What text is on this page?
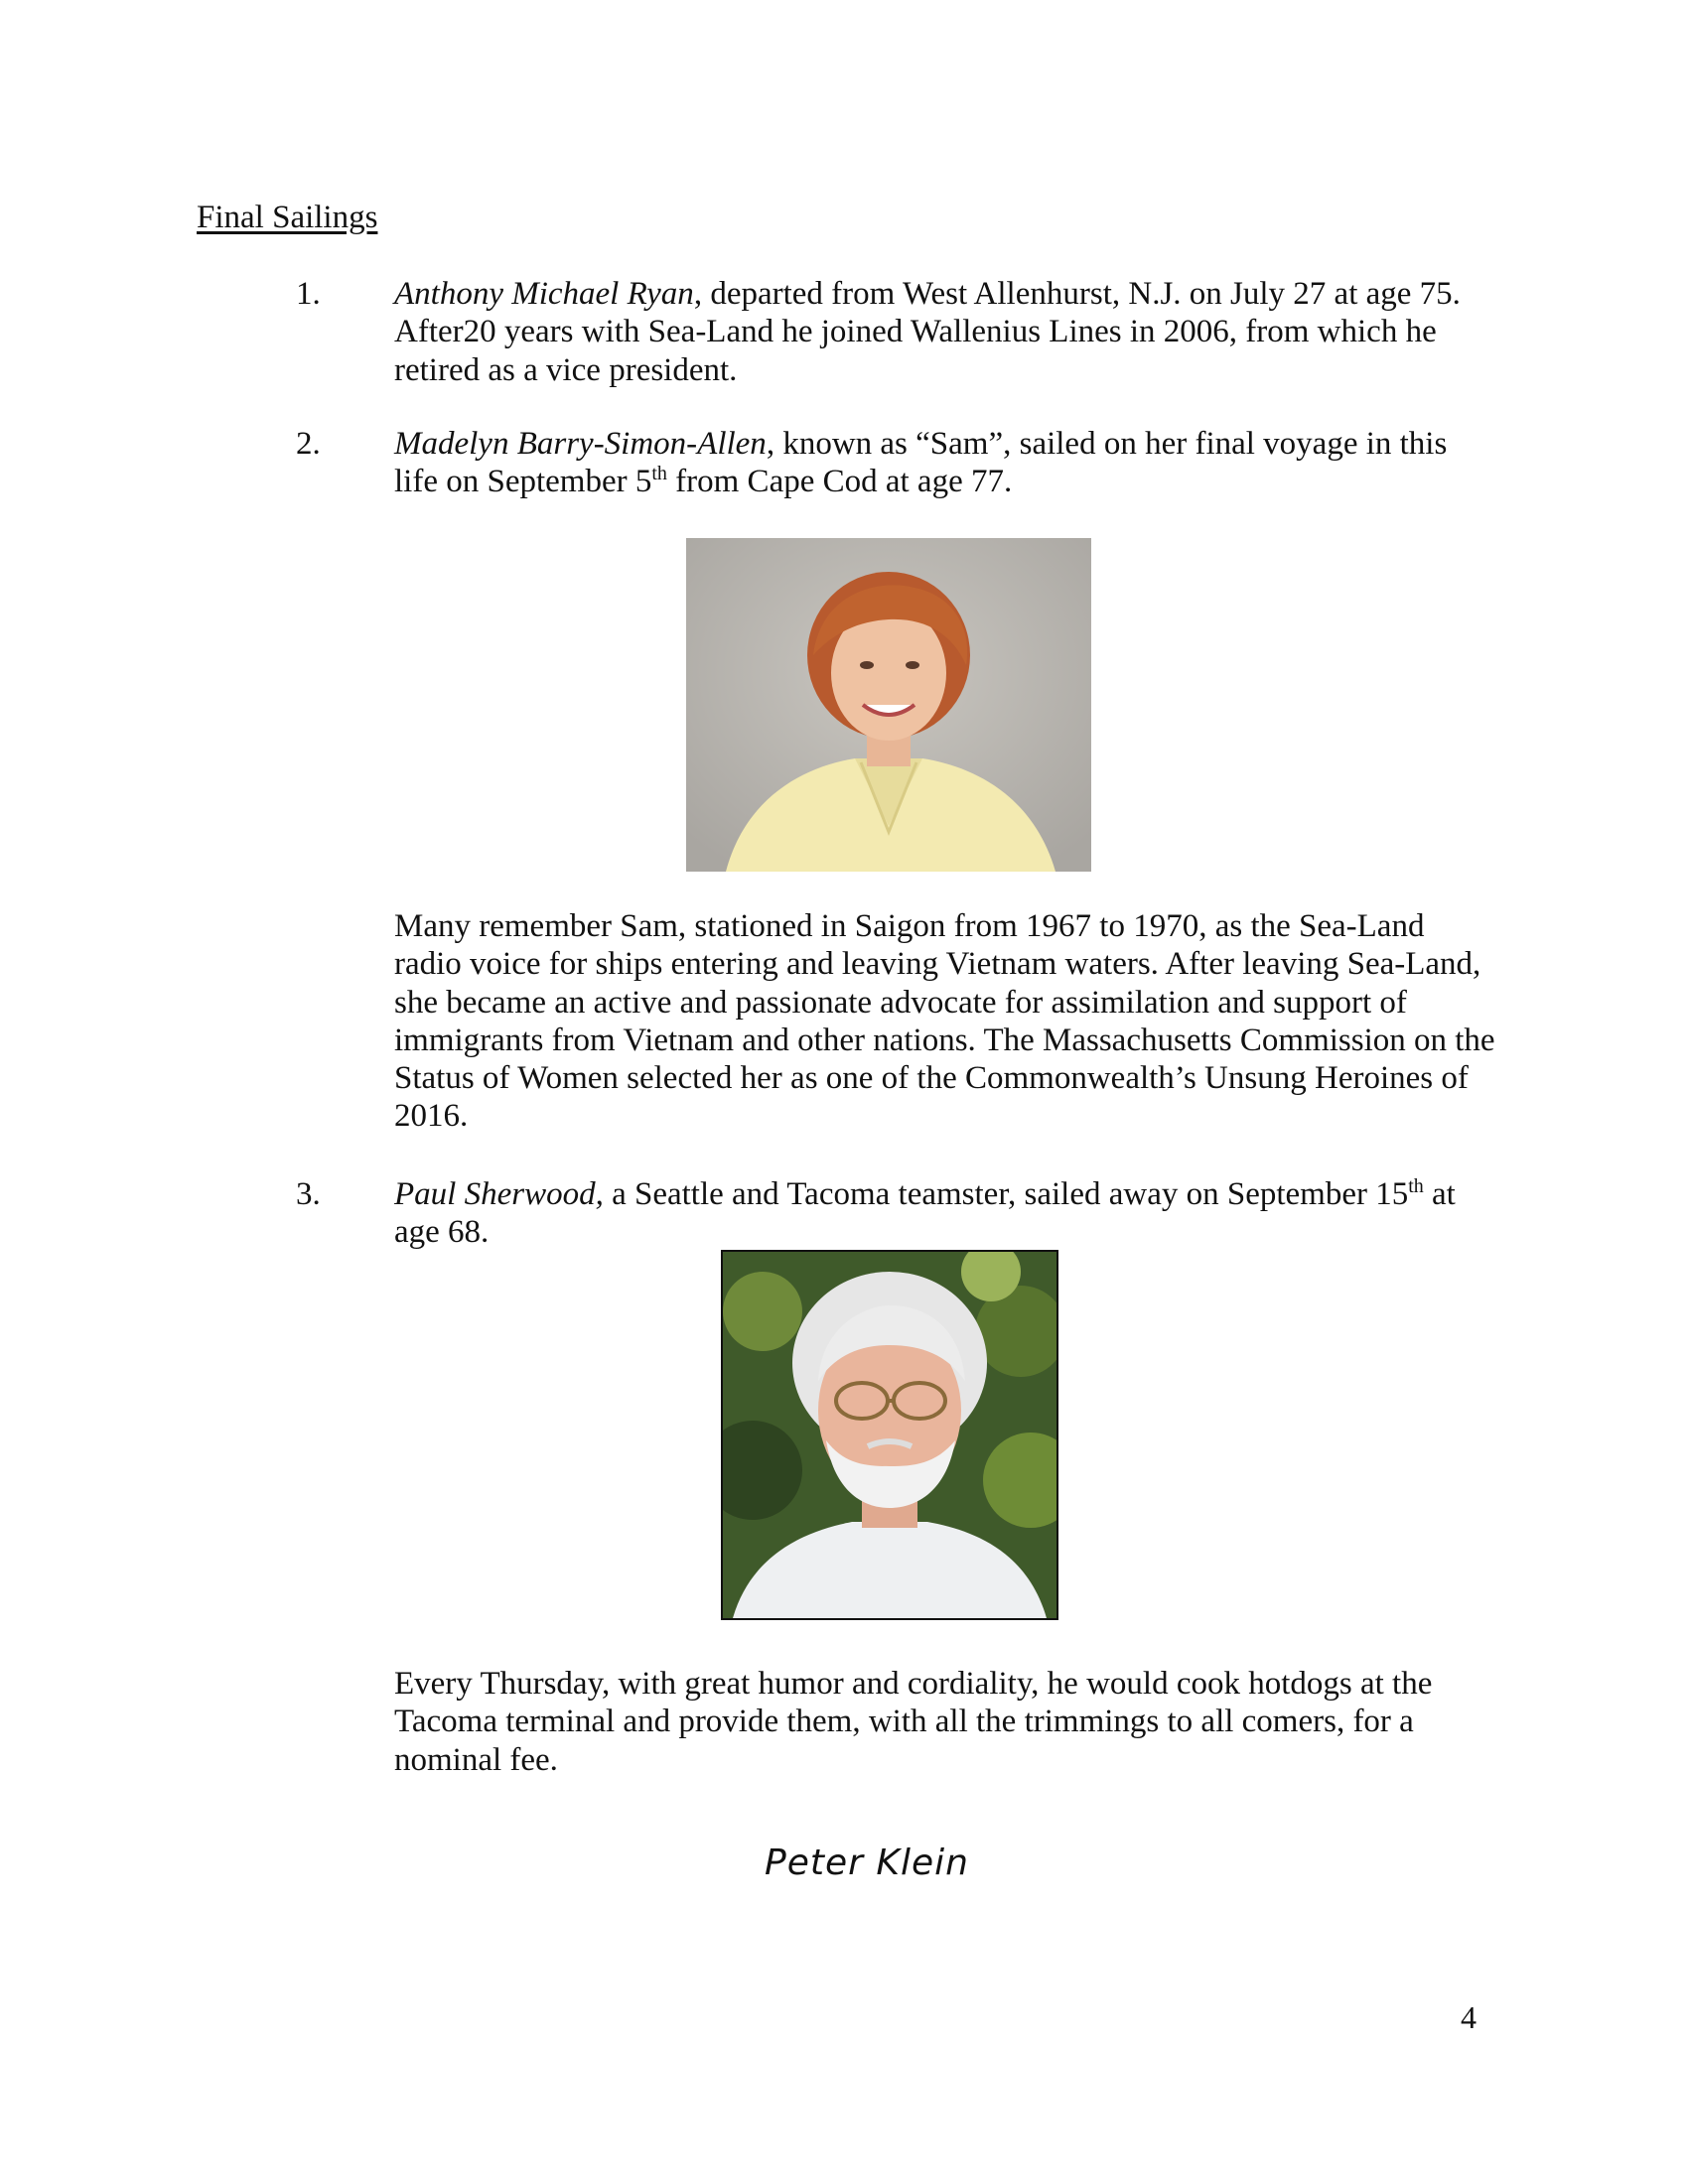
Final Sailings
1. Anthony Michael Ryan, departed from West Allenhurst, N.J. on July 27 at age 75. After20 years with Sea-Land he joined Wallenius Lines in 2006, from which he retired as a vice president.

2. Madelyn Barry-Simon-Allen, known as “Sam”, sailed on her final voyage in this life on September 5th from Cape Cod at age 77.

Many remember Sam, stationed in Saigon from 1967 to 1970, as the Sea-Land radio voice for ships entering and leaving Vietnam waters. After leaving Sea-Land, she became an active and passionate advocate for assimilation and support of immigrants from Vietnam and other nations. The Massachusetts Commission on the Status of Women selected her as one of the Commonwealth’s Unsung Heroines of 2016.

3. Paul Sherwood, a Seattle and Tacoma teamster, sailed away on September 15th at age 68.

Every Thursday, with great humor and cordiality, he would cook hotdogs at the Tacoma terminal and provide them, with all the trimmings to all comers, for a nominal fee.

Peter Klein
4
